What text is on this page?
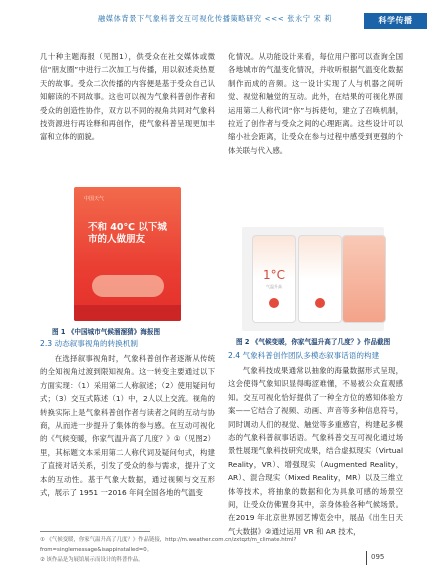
融媒体背景下气象科普交互可视化传播策略研究 <<< 张永宁 宋 莉	科学传播

几十种主题海报（见图1），供受众在社交媒体或微信“朋友圈”中进行二次加工与传播，用以叙述炎热夏天的故事。受众二次传播的内容便是基于受众自己认知解读的不同故事。这也可以视为气象科普创作者和受众的创造性协作，双方以不同的视角共同对气象科技资源进行再诠释和再创作，使气象科普呈现更加丰富和立体的面貌。

中国天气
不和 40℃ 以下城市的人做朋友
图 1 《中国城市气候溜溜猜》海报图
2.3 动态叙事视角的转换机制

在选择叙事视角时，气象科普创作者逐渐从传统的全知视角过渡到限知视角。这一转变主要通过以下方面实现：（1）采用第二人称叙述；（2）使用疑问句式；（3）交互式陈述（1）中，2人以上交流。视角的转换实际上是气象科普创作者与读者之间的互动与协商，从而进一步提升了集体的参与感。在互动可视化的《气候变暖，你家气温升高了几度？》①（见图2）里，其标题文本采用第二人称代词及疑问句式，构建了直接对话关系，引发了受众的参与需求，提升了文本的互动性。基于气象大数据，通过视频与交互形式，展示了 1951 一2016 年间全国各地的气温变

化情况。从功能设计来看，每位用户都可以查询全国各地城市的气温变化情况，并收听根据气温变化数据制作而成的音频。这一设计实现了人与机器之间听觉、视觉和触觉的互动。此外，在结果的可视化界面运用第二人称代词“你”与拆使句，建立了召唤机制，拉近了创作者与受众之间的心理距离。这些设计可以缩小社会距离，让受众在参与过程中感受到更强的个体关联与代入感。

1°C
气温升高
图 2 《气候变暖，你家气温升高了几度？》作品截图
2.4 气象科普创作团队多模态叙事话语的构建

气象科技成果通常以抽象的海量数据形式呈现，这会使得气象知识显得晦涩难懂，不易被公众直观感知。交互可视化恰好提供了一种全方位的感知体验方案——它结合了视频、动画、声音等多种信息符号，同时调动人们的视觉、触觉等多重感官，构建起多模态的气象科普叙事话语。气象科普交互可视化通过场景性展现气象科技研究成果，结合虚拟现实（Virtual Reality，VR）、增强现实（Augmented Reality，AR）、混合现实（Mixed Reality，MR）以及三维立体等技术，将抽象的数据和化为具象可感的场景空间，让受众仿佛置身其中，亲身体验各种气候场景。在2019 年北京世界园艺博览会中，展品《出生日天气大数据》②通过运用 VR 和 AR 技术，

① 《气候变暖，你家气温升高了几度？》作品链接，http://m.weather.com.cn/zxtqzt/m_climate.html?from=singlemessage&isappinstalled=0。
② 该作品是为展馆展示而设计的科普作品。	095
